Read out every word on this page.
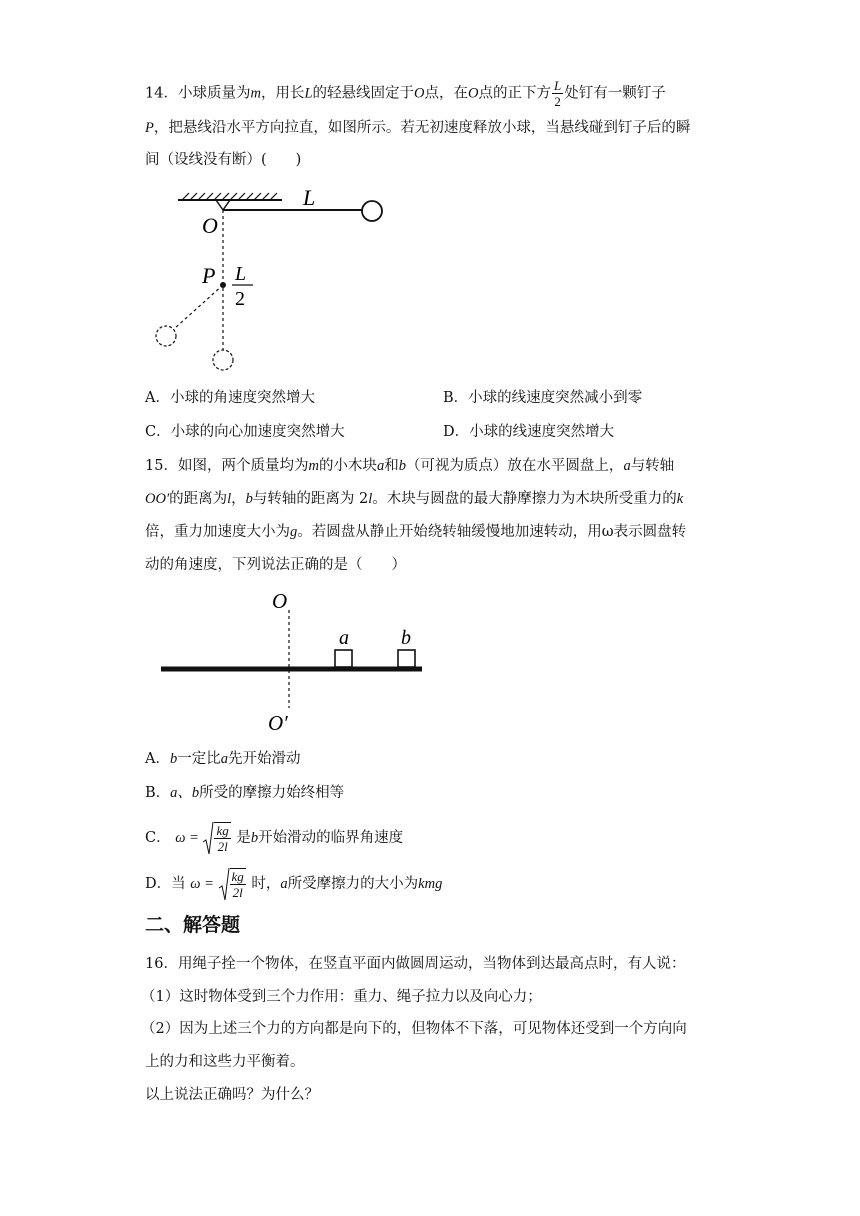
14．小球质量为m，用长L的轻悬线固定于O点，在O点的正下方 $\frac{L}{2}$ 处钉有一颗钉子
P，把悬线沿水平方向拉直，如图所示。若无初速度释放小球，当悬线碰到钉子后的瞬
间（设线没有断）(　　)
L
O
P L
2
A．小球的角速度突然增大	B．小球的线速度突然减小到零
C．小球的向心加速度突然增大	D．小球的线速度突然增大
15．如图，两个质量均为m的小木块a和b（可视为质点）放在水平圆盘上，a与转轴
OO′的距离为l，b与转轴的距离为 2l。木块与圆盘的最大静摩擦力为木块所受重力的k
倍，重力加速度大小为g。若圆盘从静止开始绕转轴缓慢地加速转动，用ω表示圆盘转
动的角速度，下列说法正确的是（　　）
O
O′
a	b
A．b一定比a先开始滑动
B．a、b所受的摩擦力始终相等
C． $\omega = \frac{kg}{2l}$ 是b开始滑动的临界角速度
D．当 $\omega = \frac{kg}{2l}$ 时，a所受摩擦力的大小为kmg
二、解答题
16．用绳子拴一个物体，在竖直平面内做圆周运动，当物体到达最高点时，有人说：
（1）这时物体受到三个力作用：重力、绳子拉力以及向心力；
（2）因为上述三个力的方向都是向下的，但物体不下落，可见物体还受到一个方向向
上的力和这些力平衡着。
以上说法正确吗？为什么？
